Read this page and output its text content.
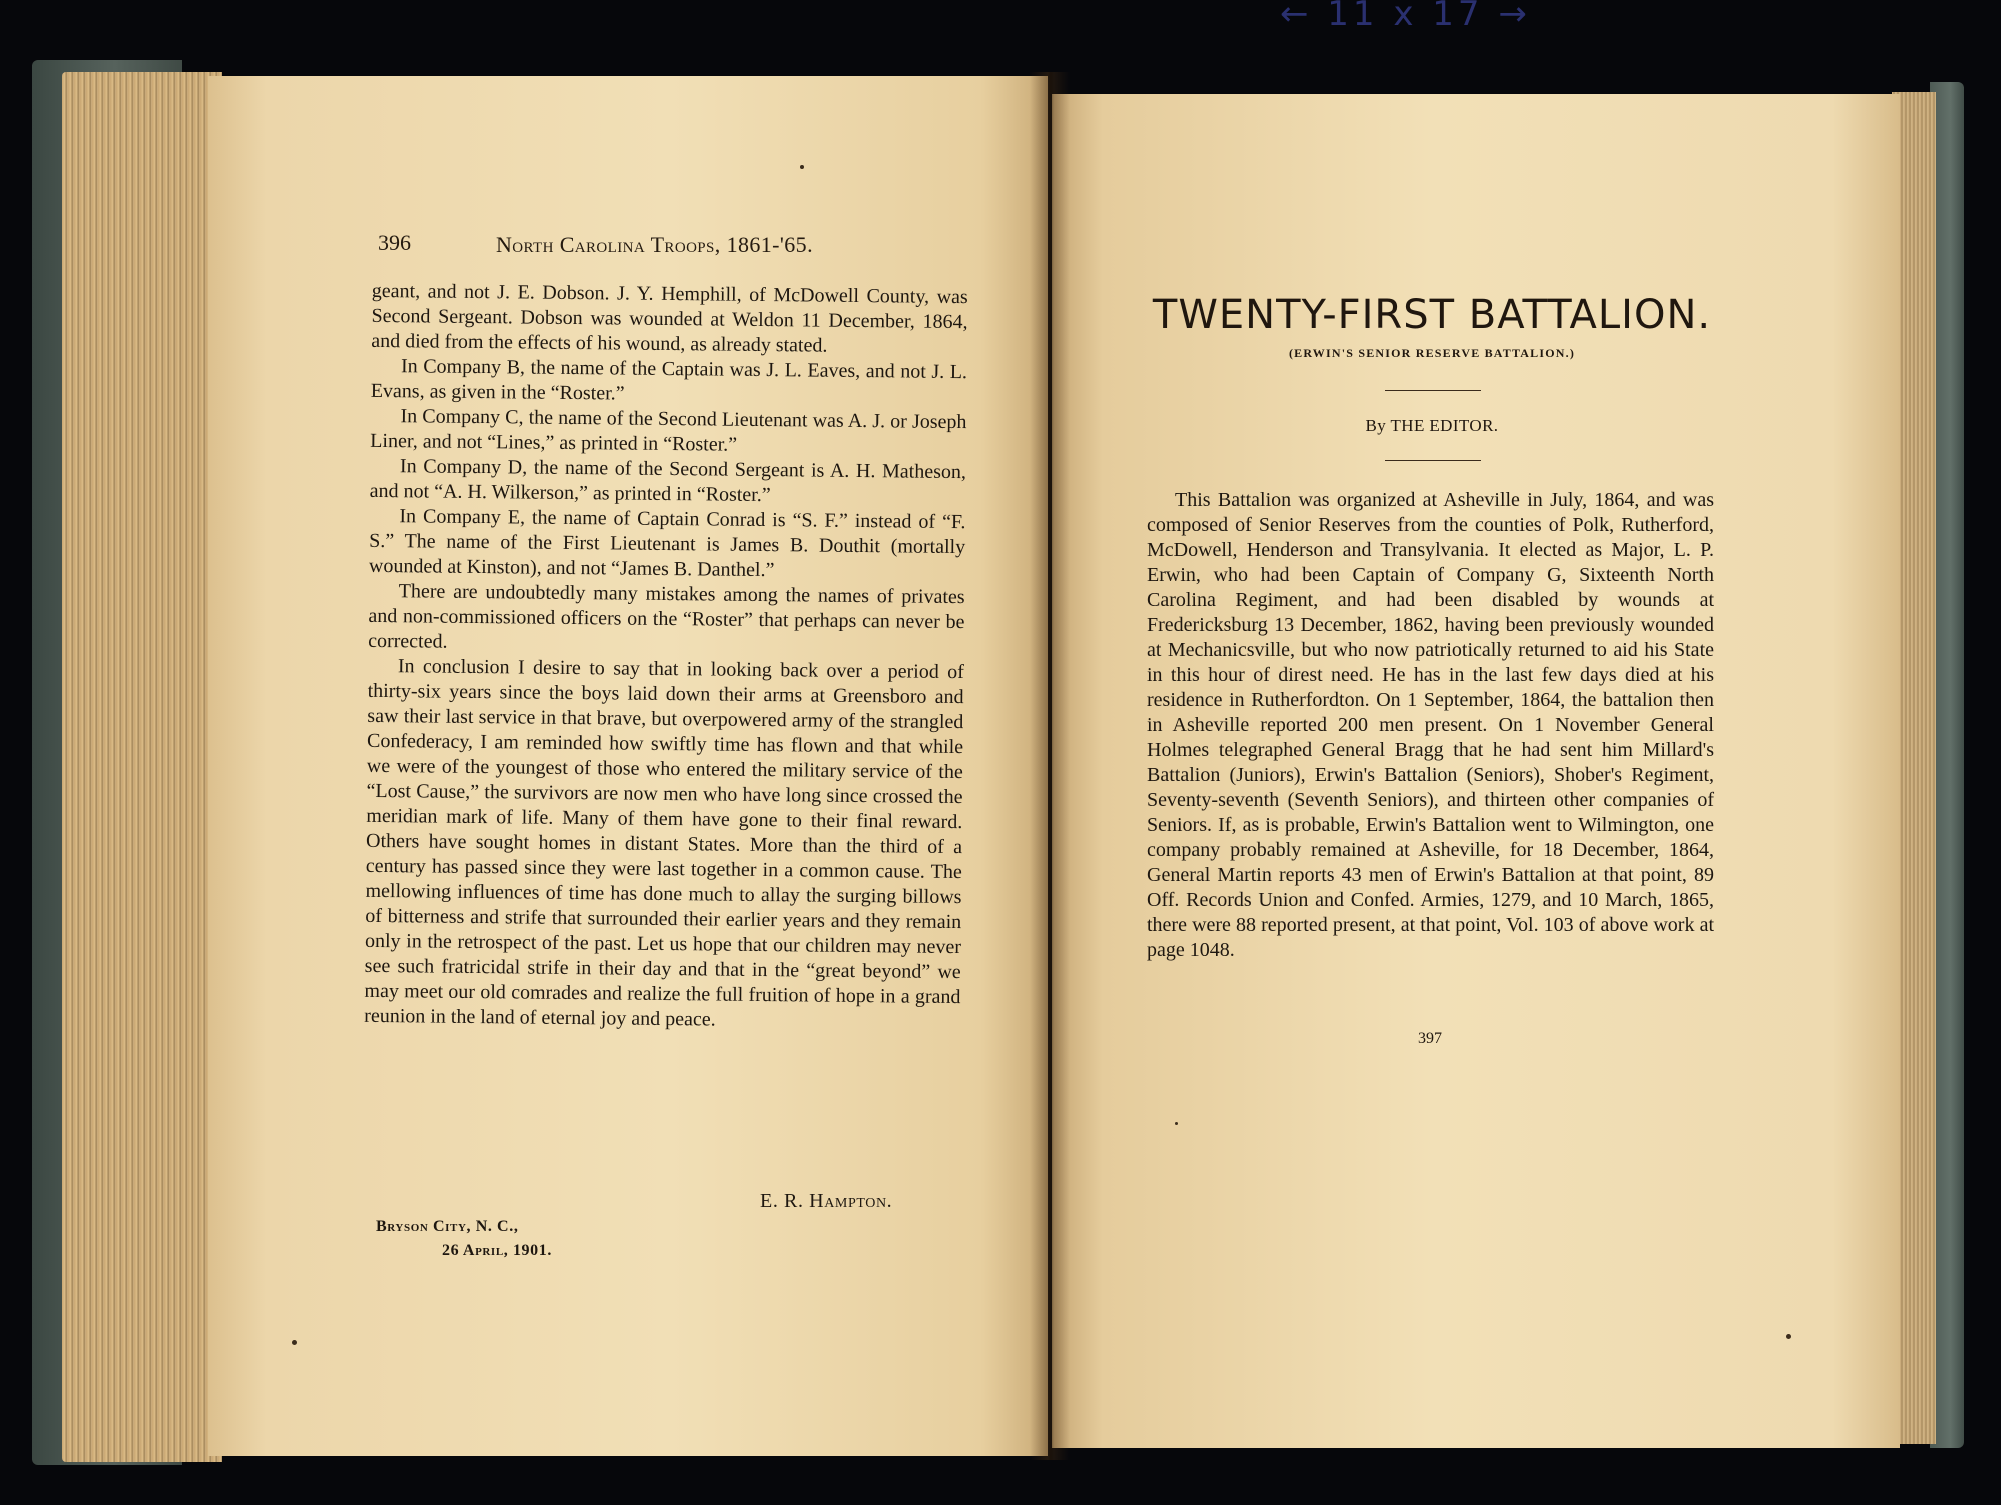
← 11 x 17 →
396	North Carolina Troops, 1861-'65.

geant, and not J. E. Dobson. J. Y. Hemphill, of McDowell County, was Second Sergeant. Dobson was wounded at Weldon 11 December, 1864, and died from the effects of his wound, as already stated.

In Company B, the name of the Captain was J. L. Eaves, and not J. L. Evans, as given in the “Roster.”

In Company C, the name of the Second Lieutenant was A. J. or Joseph Liner, and not “Lines,” as printed in “Roster.”

In Company D, the name of the Second Sergeant is A. H. Matheson, and not “A. H. Wilkerson,” as printed in “Roster.”

In Company E, the name of Captain Conrad is “S. F.” instead of “F. S.” The name of the First Lieutenant is James B. Douthit (mortally wounded at Kinston), and not “James B. Danthel.”

There are undoubtedly many mistakes among the names of privates and non-commissioned officers on the “Roster” that perhaps can never be corrected.

In conclusion I desire to say that in looking back over a period of thirty-six years since the boys laid down their arms at Greensboro and saw their last service in that brave, but overpowered army of the strangled Confederacy, I am reminded how swiftly time has flown and that while we were of the youngest of those who entered the military service of the “Lost Cause,” the survivors are now men who have long since crossed the meridian mark of life. Many of them have gone to their final reward. Others have sought homes in distant States. More than the third of a century has passed since they were last together in a common cause. The mellowing influences of time has done much to allay the surging billows of bitterness and strife that surrounded their earlier years and they remain only in the retrospect of the past. Let us hope that our children may never see such fratricidal strife in their day and that in the “great beyond” we may meet our old comrades and realize the full fruition of hope in a grand reunion in the land of eternal joy and peace.

E. R. Hampton.
Bryson City, N. C.,
26 April, 1901.
TWENTY-FIRST BATTALION.
(ERWIN'S SENIOR RESERVE BATTALION.)
By THE EDITOR.

This Battalion was organized at Asheville in July, 1864, and was composed of Senior Reserves from the counties of Polk, Rutherford, McDowell, Henderson and Transylvania. It elected as Major, L. P. Erwin, who had been Captain of Company G, Sixteenth North Carolina Regiment, and had been disabled by wounds at Fredericksburg 13 December, 1862, having been previously wounded at Mechanicsville, but who now patriotically returned to aid his State in this hour of direst need. He has in the last few days died at his residence in Rutherfordton. On 1 September, 1864, the battalion then in Asheville reported 200 men present. On 1 November General Holmes telegraphed General Bragg that he had sent him Millard's Battalion (Juniors), Erwin's Battalion (Seniors), Shober's Regiment, Seventy-seventh (Seventh Seniors), and thirteen other companies of Seniors. If, as is probable, Erwin's Battalion went to Wilmington, one company probably remained at Asheville, for 18 December, 1864, General Martin reports 43 men of Erwin's Battalion at that point, 89 Off. Records Union and Confed. Armies, 1279, and 10 March, 1865, there were 88 reported present, at that point, Vol. 103 of above work at page 1048.

397
